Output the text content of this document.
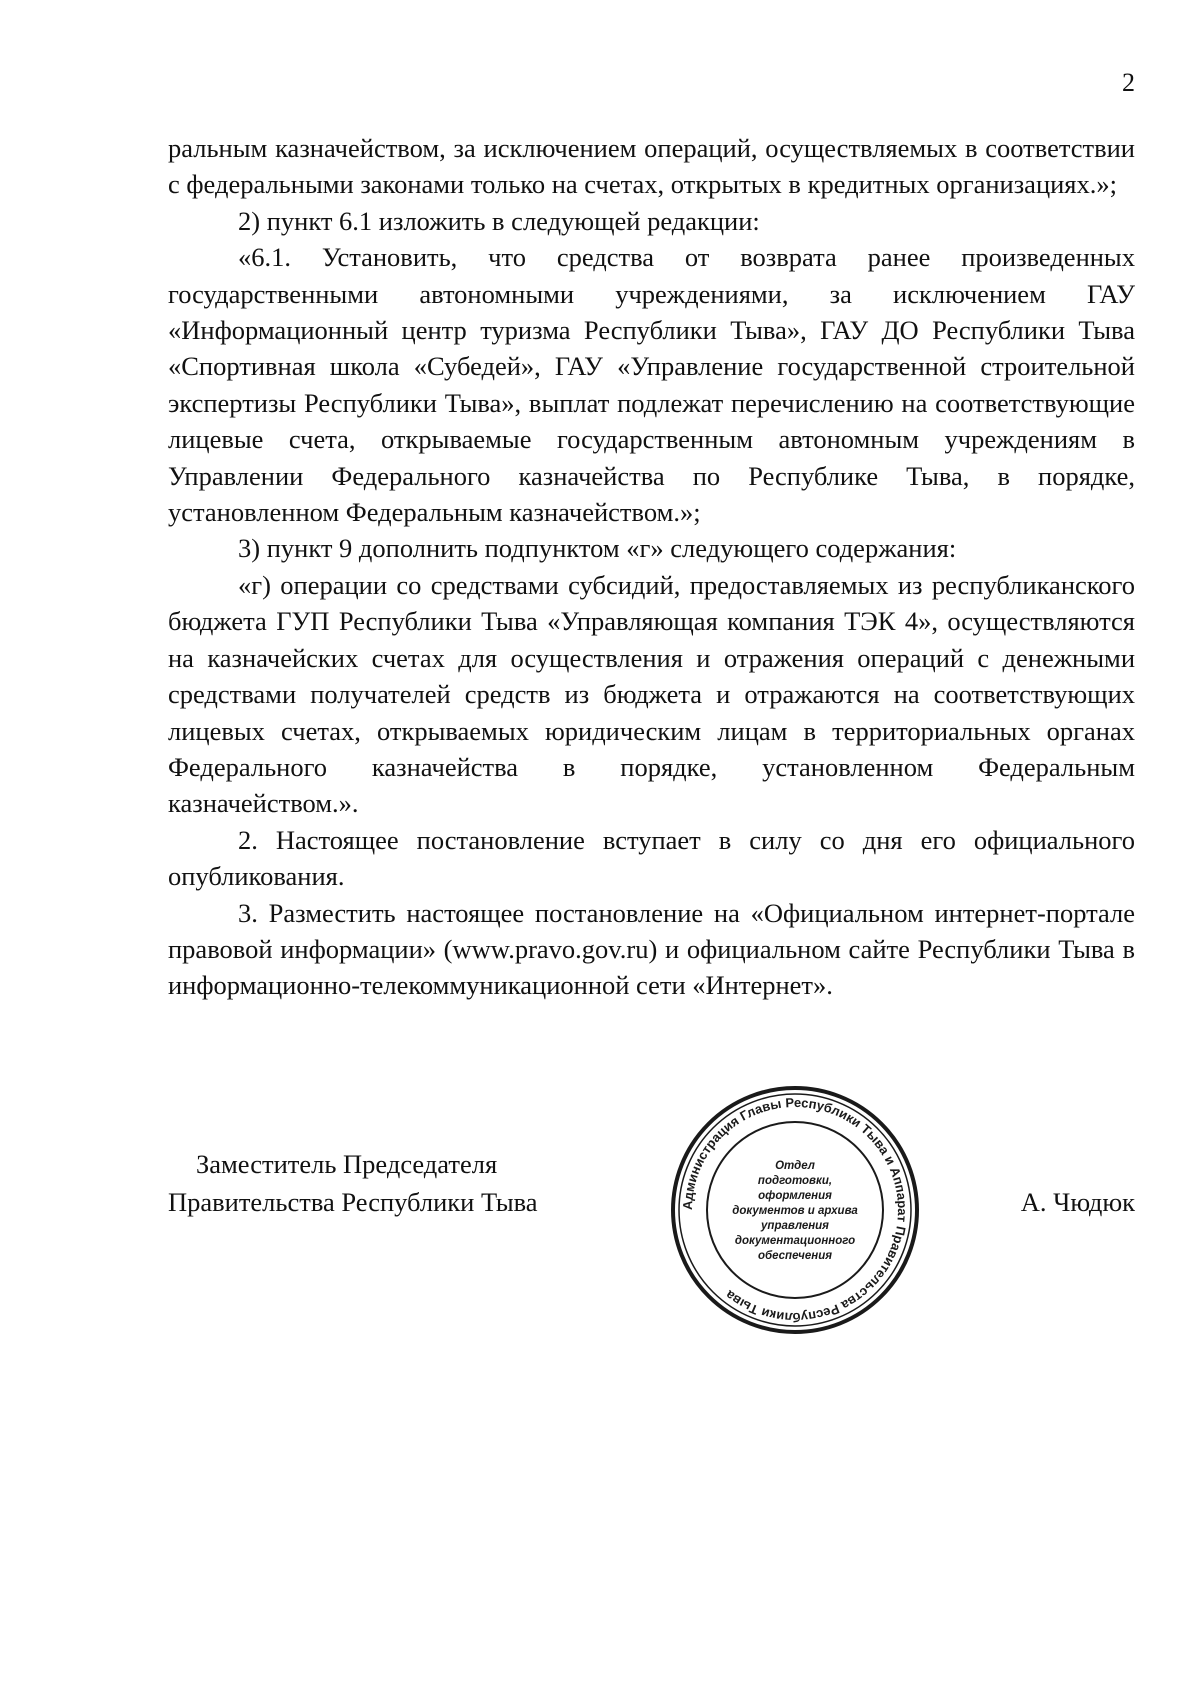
2

ральным казначейством, за исключением операций, осуществляемых в соответствии с федеральными законами только на счетах, открытых в кредитных организациях.»;

2) пункт 6.1 изложить в следующей редакции:

«6.1. Установить, что средства от возврата ранее произведенных государственными автономными учреждениями, за исключением ГАУ «Информационный центр туризма Республики Тыва», ГАУ ДО Республики Тыва «Спортивная школа «Субедей», ГАУ «Управление государственной строительной экспертизы Республики Тыва», выплат подлежат перечислению на соответствующие лицевые счета, открываемые государственным автономным учреждениям в Управлении Федерального казначейства по Республике Тыва, в порядке, установленном Федеральным казначейством.»;

3) пункт 9 дополнить подпунктом «г» следующего содержания:

«г) операции со средствами субсидий, предоставляемых из республиканского бюджета ГУП Республики Тыва «Управляющая компания ТЭК 4», осуществляются на казначейских счетах для осуществления и отражения операций с денежными средствами получателей средств из бюджета и отражаются на соответствующих лицевых счетах, открываемых юридическим лицам в территориальных органах Федерального казначейства в порядке, установленном Федеральным казначейством.».

2. Настоящее постановление вступает в силу со дня его официального опубликования.

3. Разместить настоящее постановление на «Официальном интернет-портале правовой информации» (www.pravo.gov.ru) и официальном сайте Республики Тыва в информационно-телекоммуникационной сети «Интернет».

Заместитель Председателя
Правительства Республики Тыва	Администрация Главы Республики Тыва и Аппарат Правительства Республики Тыва
Отдел
подготовки,
оформления
документов и архива
управления
документационного
обеспечения
А. Чюдюк
